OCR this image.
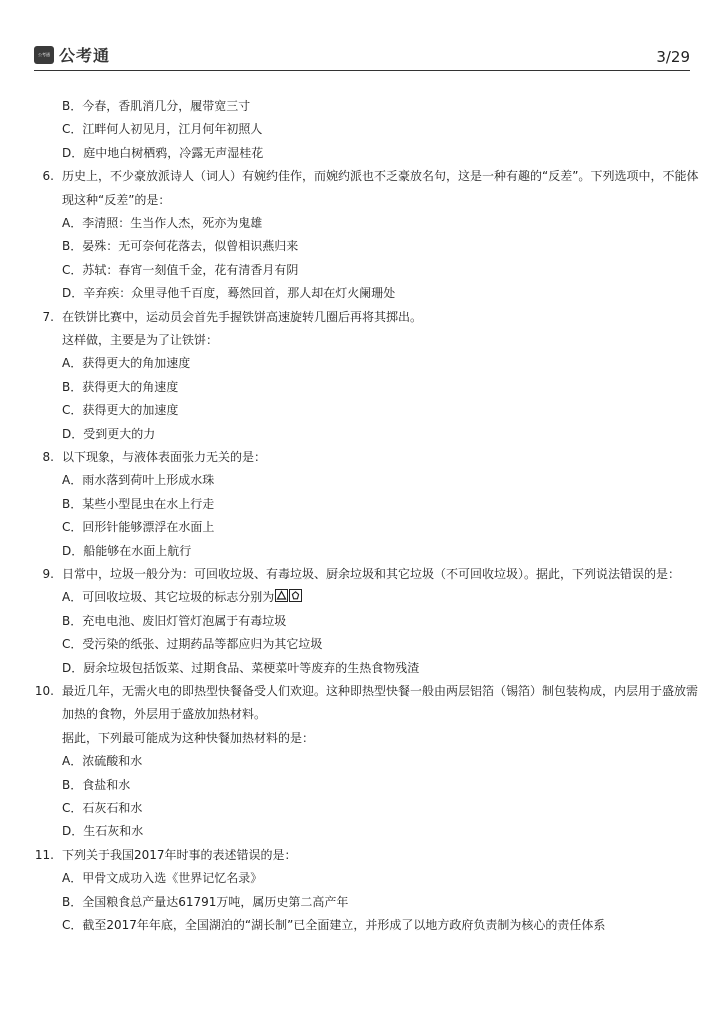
公考通 公考通	3/29
B．今春，香肌消几分，履带宽三寸
C．江畔何人初见月，江月何年初照人
D．庭中地白树栖鸦，冷露无声湿桂花
6. 历史上，不少豪放派诗人（词人）有婉约佳作，而婉约派也不乏豪放名句，这是一种有趣的“反差”。下列选项中，不能体
现这种“反差”的是：
A．李清照：生当作人杰，死亦为鬼雄
B．晏殊：无可奈何花落去，似曾相识燕归来
C．苏轼：春宵一刻值千金，花有清香月有阴
D．辛弃疾：众里寻他千百度，蓦然回首，那人却在灯火阑珊处
7. 在铁饼比赛中，运动员会首先手握铁饼高速旋转几圈后再将其掷出。
这样做，主要是为了让铁饼：
A．获得更大的角加速度
B．获得更大的角速度
C．获得更大的加速度
D．受到更大的力
8. 以下现象，与液体表面张力无关的是：
A．雨水落到荷叶上形成水珠
B．某些小型昆虫在水上行走
C．回形针能够漂浮在水面上
D．船能够在水面上航行
9. 日常中，垃圾一般分为：可回收垃圾、有毒垃圾、厨余垃圾和其它垃圾（不可回收垃圾）。据此，下列说法错误的是：
A．可回收垃圾、其它垃圾的标志分别为
B．充电电池、废旧灯管灯泡属于有毒垃圾
C．受污染的纸张、过期药品等都应归为其它垃圾
D．厨余垃圾包括饭菜、过期食品、菜梗菜叶等废弃的生热食物残渣
10. 最近几年，无需火电的即热型快餐备受人们欢迎。这种即热型快餐一般由两层铝箔（锡箔）制包装构成，内层用于盛放需
加热的食物，外层用于盛放加热材料。
据此，下列最可能成为这种快餐加热材料的是：
A．浓硫酸和水
B．食盐和水
C．石灰石和水
D．生石灰和水
11. 下列关于我国2017年时事的表述错误的是：
A．甲骨文成功入选《世界记忆名录》
B．全国粮食总产量达61791万吨，属历史第二高产年
C．截至2017年年底，全国湖泊的“湖长制”已全面建立，并形成了以地方政府负责制为核心的责任体系
